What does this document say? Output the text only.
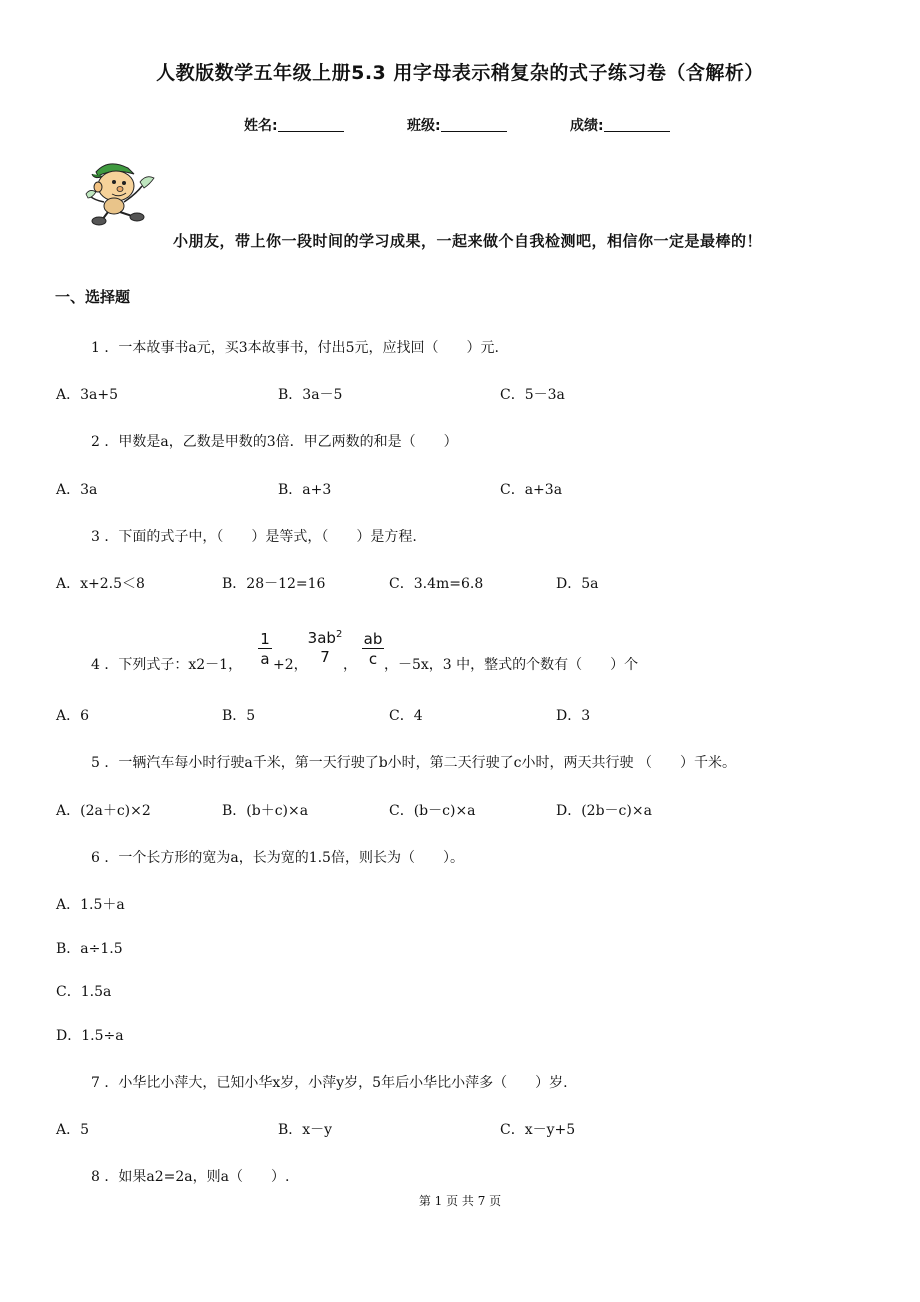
人教版数学五年级上册5.3 用字母表示稍复杂的式子练习卷（含解析）
姓名:	班级:	成绩:
小朋友，带上你一段时间的学习成果，一起来做个自我检测吧，相信你一定是最棒的！
一、选择题
1 ．一本故事书a元，买3本故事书，付出5元，应找回（　　）元.
A．3a+5	B．3a－5	C．5－3a
2 ．甲数是a，乙数是甲数的3倍．甲乙两数的和是（　　）
A．3a	B．a+3	C．a+3a
3 ．下面的式子中，（　　）是等式，（　　）是方程.
A．x+2.5＜8	B．28－12=16	C．3.4m=6.8	D．5a
4 ．下列式子：x2－1， $\frac{1}{a} +2$，
$3ab^2$
7 ， $\frac{ab}{c}$ ，－5x，3 中，整式的个数有（　　）个
A．6	B．5	C．4	D．3
5 ．一辆汽车每小时行驶a千米，第一天行驶了b小时，第二天行驶了c小时，两天共行驶 （　　）千米。
A．(2a＋c)×2	B．(b＋c)×a	C．(b－c)×a	D．(2b－c)×a
6 ．一个长方形的宽为a，长为宽的1.5倍，则长为（　　）。
A．1.5＋a
B．a÷1.5
C．1.5a
D．1.5÷a
7 ．小华比小萍大，已知小华x岁，小萍y岁，5年后小华比小萍多（　　）岁.
A．5	B．x－y	C．x－y+5
8 ．如果a2=2a，则a（　　）.
第 1 页 共 7 页
